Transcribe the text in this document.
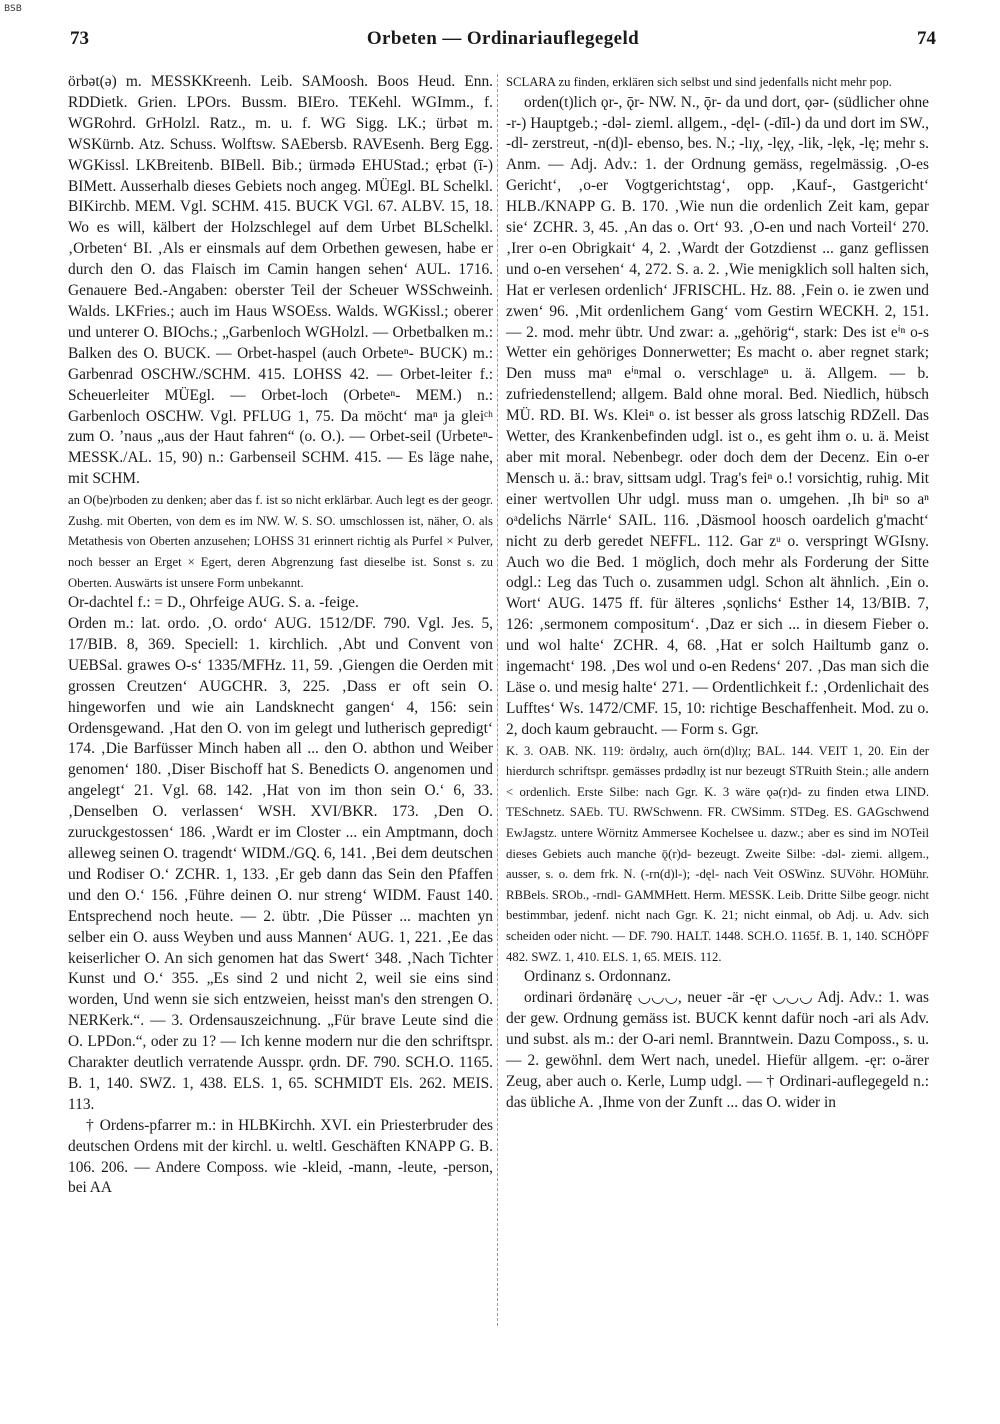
BSB
73	Orbeten — Ordinariauflegegeld	74

örbət(ə) m. MESSKKreenh. Leib. SAMoosh. Boos Heud. Enn. RDDietk. Grien. LPOrs. Bussm. BIEro. TEKehl. WGImm., f. WGRohrd. GrHolzl. Ratz., m. u. f. WG Sigg. LK.; ürbət m. WSKürnb. Atz. Schuss. Wolftsw. SAEbersb. RAVEsenh. Berg Egg. WGKissl. LKBreitenb. BIBell. Bib.; ürmədə EHUStad.; ęrbət (ī-) BIMett. Ausserhalb dieses Gebiets noch angeg. MÜEgl. BL Schelkl. BIKirchb. MEM. Vgl. SCHM. 415. BUCK VGl. 67. ALBV. 15, 18. Wo es will, kälbert der Holzschlegel auf dem Urbet BLSchelkl. ‚Orbeten‘ BI. ‚Als er einsmals auf dem Orbethen gewesen, habe er durch den O. das Flaisch im Camin hangen sehen‘ AUL. 1716. Genauere Bed.-Angaben: oberster Teil der Scheuer WSSchweinh. Walds. LKFries.; auch im Haus WSOEss. Walds. WGKissl.; oberer und unterer O. BIOchs.; „Garbenloch WGHolzl. — Orbetbalken m.: Balken des O. BUCK. — Orbet-haspel (auch Orbeteⁿ- BUCK) m.: Garbenrad OSCHW./SCHM. 415. LOHSS 42. — Orbet-leiter f.: Scheuerleiter MÜEgl. — Orbet-loch (Orbeteⁿ- MEM.) n.: Garbenloch OSCHW. Vgl. PFLUG 1, 75. Da möcht‘ maⁿ ja gleiᶜʰ zum O. ’naus „aus der Haut fahren“ (o. O.). — Orbet-seil (Urbeteⁿ- MESSK./AL. 15, 90) n.: Garbenseil SCHM. 415. — Es läge nahe, mit SCHM.

an O(be)rboden zu denken; aber das f. ist so nicht erklärbar. Auch legt es der geogr. Zushg. mit Oberten, von dem es im NW. W. S. SO. umschlossen ist, näher, O. als Metathesis von Oberten anzusehen; LOHSS 31 erinnert richtig als Purfel × Pulver, noch besser an Erget × Egert, deren Abgrenzung fast dieselbe ist. Sonst s. zu Oberten. Auswärts ist unsere Form unbekannt.

Or-dachtel f.: = D., Ohrfeige AUG. S. a. -feige.

Orden m.: lat. ordo. ‚O. ordo‘ AUG. 1512/DF. 790. Vgl. Jes. 5, 17/BIB. 8, 369. Speciell: 1. kirchlich. ‚Abt und Convent von UEBSal. grawes O-s‘ 1335/MFHz. 11, 59. ‚Giengen die Oerden mit grossen Creutzen‘ AUGCHR. 3, 225. ‚Dass er oft sein O. hingeworfen und wie ain Landsknecht gangen‘ 4, 156: sein Ordensgewand. ‚Hat den O. von im gelegt und lutherisch gepredigt‘ 174. ‚Die Barfüsser Minch haben all ... den O. abthon und Weiber genomen‘ 180. ‚Diser Bischoff hat S. Benedicts O. angenomen und angelegt‘ 21. Vgl. 68. 142. ‚Hat von im thon sein O.‘ 6, 33. ‚Denselben O. verlassen‘ WSH. XVI/BKR. 173. ‚Den O. zuruckgestossen‘ 186. ‚Wardt er im Closter ... ein Amptmann, doch alleweg seinen O. tragendt‘ WIDM./GQ. 6, 141. ‚Bei dem deutschen und Rodiser O.‘ ZCHR. 1, 133. ‚Er geb dann das Sein den Pfaffen und den O.‘ 156. ‚Führe deinen O. nur streng‘ WIDM. Faust 140. Entsprechend noch heute. — 2. übtr. ‚Die Püsser ... machten yn selber ein O. auss Weyben und auss Mannen‘ AUG. 1, 221. ‚Ee das keiserlicher O. An sich genomen hat das Swert‘ 348. ‚Nach Tichter Kunst und O.‘ 355. „Es sind 2 und nicht 2, weil sie eins sind worden, Und wenn sie sich entzweien, heisst man's den strengen O. NERKerk.“. — 3. Ordensauszeichnung. „Für brave Leute sind die O. LPDon.“, oder zu 1? — Ich kenne modern nur die den schriftspr. Charakter deutlich verratende Ausspr. ǫrdn. DF. 790. SCH.O. 1165. B. 1, 140. SWZ. 1, 438. ELS. 1, 65. SCHMIDT Els. 262. MEIS. 113.

† Ordens-pfarrer m.: in HLBKirchh. XVI. ein Priesterbruder des deutschen Ordens mit der kirchl. u. weltl. Geschäften KNAPP G. B. 106. 206. — Andere Composs. wie -kleid, -mann, -leute, -person, bei AA

SCLARA zu finden, erklären sich selbst und sind jedenfalls nicht mehr pop.

orden(t)lich ǫr-, ǭr- NW. N., ǭr- da und dort, ǫər- (südlicher ohne -r-) Hauptgeb.; -dəl- zieml. allgem., -dęl- (-dīl-) da und dort im SW., -dl- zerstreut, -n(d)l- ebenso, bes. N.; -lɪχ, -lęχ, -lik, -lęk, -lę; mehr s. Anm. — Adj. Adv.: 1. der Ordnung gemäss, regelmässig. ‚O-es Gericht‘, ‚o-er Vogtgerichtstag‘, opp. ‚Kauf-, Gastgericht‘ HLB./KNAPP G. B. 170. ‚Wie nun die ordenlich Zeit kam, gepar sie‘ ZCHR. 3, 45. ‚An das o. Ort‘ 93. ‚O-en und nach Vorteil‘ 270. ‚Irer o-en Obrigkait‘ 4, 2. ‚Wardt der Gotzdienst ... ganz geflissen und o-en versehen‘ 4, 272. S. a. 2. ‚Wie menigklich soll halten sich, Hat er verlesen ordenlich‘ JFRISCHL. Hz. 88. ‚Fein o. ie zwen und zwen‘ 96. ‚Mit ordenlichem Gang‘ vom Gestirn WECKH. 2, 151. — 2. mod. mehr übtr. Und zwar: a. „gehörig“, stark: Des ist eⁱⁿ o-s Wetter ein gehöriges Donnerwetter; Es macht o. aber regnet stark; Den muss maⁿ eⁱⁿmal o. verschlageⁿ u. ä. Allgem. — b. zufriedenstellend; allgem. Bald ohne moral. Bed. Niedlich, hübsch MÜ. RD. BI. Ws. Kleiⁿ o. ist besser als gross latschig RDZell. Das Wetter, des Krankenbefinden udgl. ist o., es geht ihm o. u. ä. Meist aber mit moral. Nebenbegr. oder doch dem der Decenz. Ein o-er Mensch u. ä.: brav, sittsam udgl. Trag's feiⁿ o.! vorsichtig, ruhig. Mit einer wertvollen Uhr udgl. muss man o. umgehen. ‚Ih biⁿ so aⁿ oᵃdelichs Närrle‘ SAIL. 116. ‚Däsmool hoosch oardelich g'macht‘ nicht zu derb geredet NEFFL. 112. Gar zᵘ o. verspringt WGIsny. Auch wo die Bed. 1 möglich, doch mehr als Forderung der Sitte odgl.: Leg das Tuch o. zusammen udgl. Schon alt ähnlich. ‚Ein o. Wort‘ AUG. 1475 ff. für älteres ‚sǫnlichs‘ Esther 14, 13/BIB. 7, 126: ‚sermonem compositum‘. ‚Daz er sich ... in diesem Fieber o. und wol halte‘ ZCHR. 4, 68. ‚Hat er solch Hailtumb ganz o. ingemacht‘ 198. ‚Des wol und o-en Redens‘ 207. ‚Das man sich die Läse o. und mesig halte‘ 271. — Ordentlichkeit f.: ‚Ordenlichait des Lufftes‘ Ws. 1472/CMF. 15, 10: richtige Beschaffenheit. Mod. zu o. 2, doch kaum gebraucht. — Form s. Ggr.

K. 3. OAB. NK. 119: ördəlɪχ, auch örn(d)lɪχ; BAL. 144. VEIT 1, 20. Ein der hierdurch schriftspr. gemässes prdədlɪχ ist nur bezeugt STRuith Stein.; alle andern < ordenlich. Erste Silbe: nach Ggr. K. 3 wäre ǫə(r)d- zu finden etwa LIND. TESchnetz. SAEb. TU. RWSchwenn. FR. CWSimm. STDeg. ES. GAGschwend EwJagstz. untere Wörnitz Ammersee Kochelsee u. dazw.; aber es sind im NOTeil dieses Gebiets auch manche ǭ(r)d- bezeugt. Zweite Silbe: -dəl- ziemi. allgem., ausser, s. o. dem frk. N. (-rn(d)l-); -dęl- nach Veit OSWinz. SUVöhr. HOMühr. RBBels. SROb., -rndl- GAMMHett. Herm. MESSK. Leib. Dritte Silbe geogr. nicht bestimmbar, jedenf. nicht nach Ggr. K. 21; nicht einmal, ob Adj. u. Adv. sich scheiden oder nicht. — DF. 790. HALT. 1448. SCH.O. 1165f. B. 1, 140. SCHÖPF 482. SWZ. 1, 410. ELS. 1, 65. MEIS. 112.

Ordinanz s. Ordonnanz.

ordinari ördənärę ◡◡◡, neuer -är -ęr ◡◡◡ Adj. Adv.: 1. was der gew. Ordnung gemäss ist. BUCK kennt dafür noch -ari als Adv. und subst. als m.: der O-ari neml. Branntwein. Dazu Composs., s. u. — 2. gewöhnl. dem Wert nach, unedel. Hiefür allgem. -ęr: o-ärer Zeug, aber auch o. Kerle, Lump udgl. — † Ordinari-auflegegeld n.: das übliche A. ‚Ihme von der Zunft ... das O. wider in
